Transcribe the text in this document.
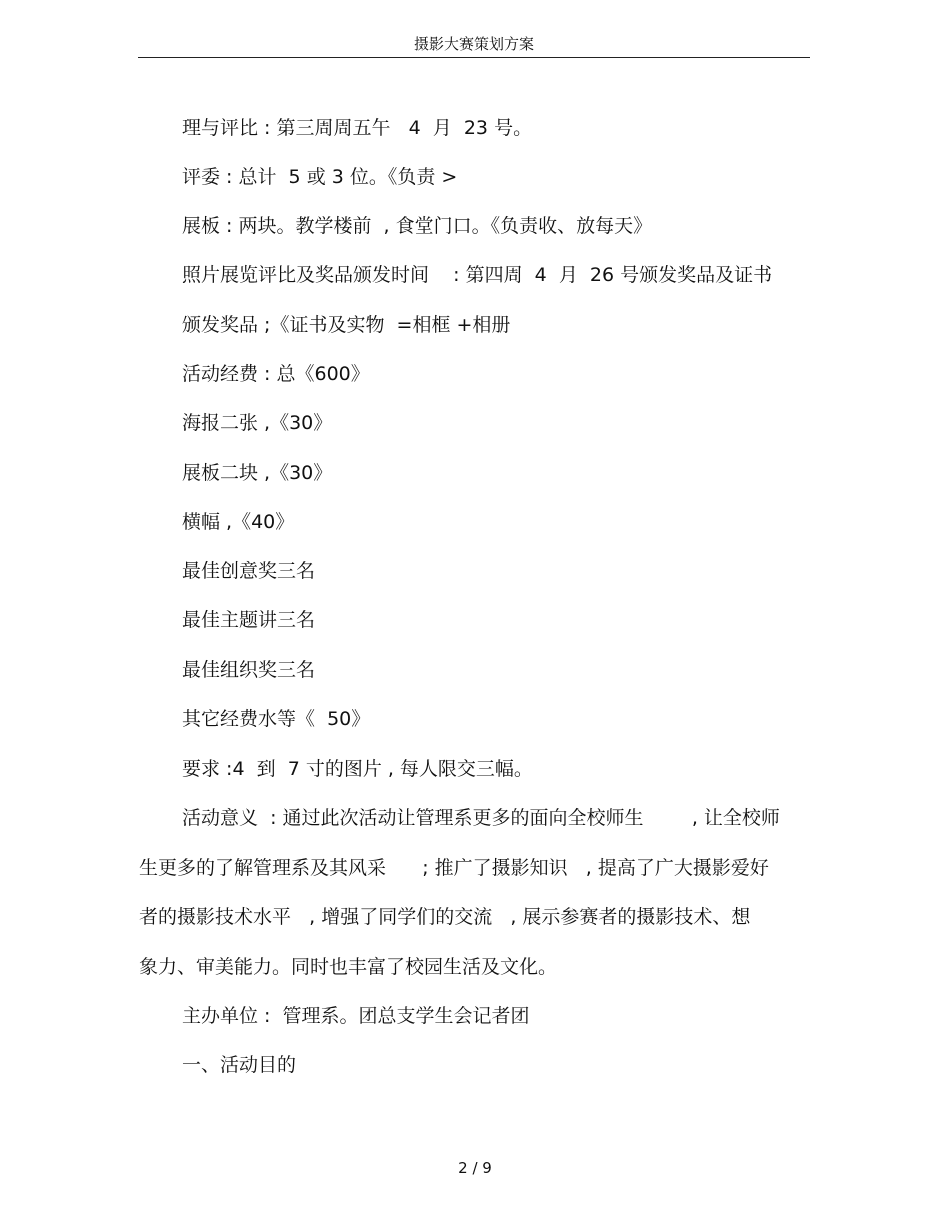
摄影大赛策划方案
理与评比 : 第三周周五午   4  月  23 号。
评委 : 总计  5 或 3 位。《负责 >
展板 : 两块。教学楼前  , 食堂门口。《负责收、放每天》
照片展览评比及奖品颁发时间    : 第四周  4  月  26 号颁发奖品及证书
颁发奖品 ;《证书及实物  =相框 +相册
活动经费 : 总《600》
海报二张 ,《30》
展板二块 ,《30》
横幅 ,《40》
最佳创意奖三名
最佳主题讲三名
最佳组织奖三名
其它经费水等《  50》
要求 :4  到  7 寸的图片 , 每人限交三幅。
活动意义  : 通过此次活动让管理系更多的面向全校师生        , 让全校师
生更多的了解管理系及其风采      ; 推广了摄影知识   , 提高了广大摄影爱好
者的摄影技术水平   , 增强了同学们的交流   , 展示参赛者的摄影技术、想
象力、审美能力。同时也丰富了校园生活及文化。
主办单位 :  管理系。团总支学生会记者团
一、活动目的
2 / 9
